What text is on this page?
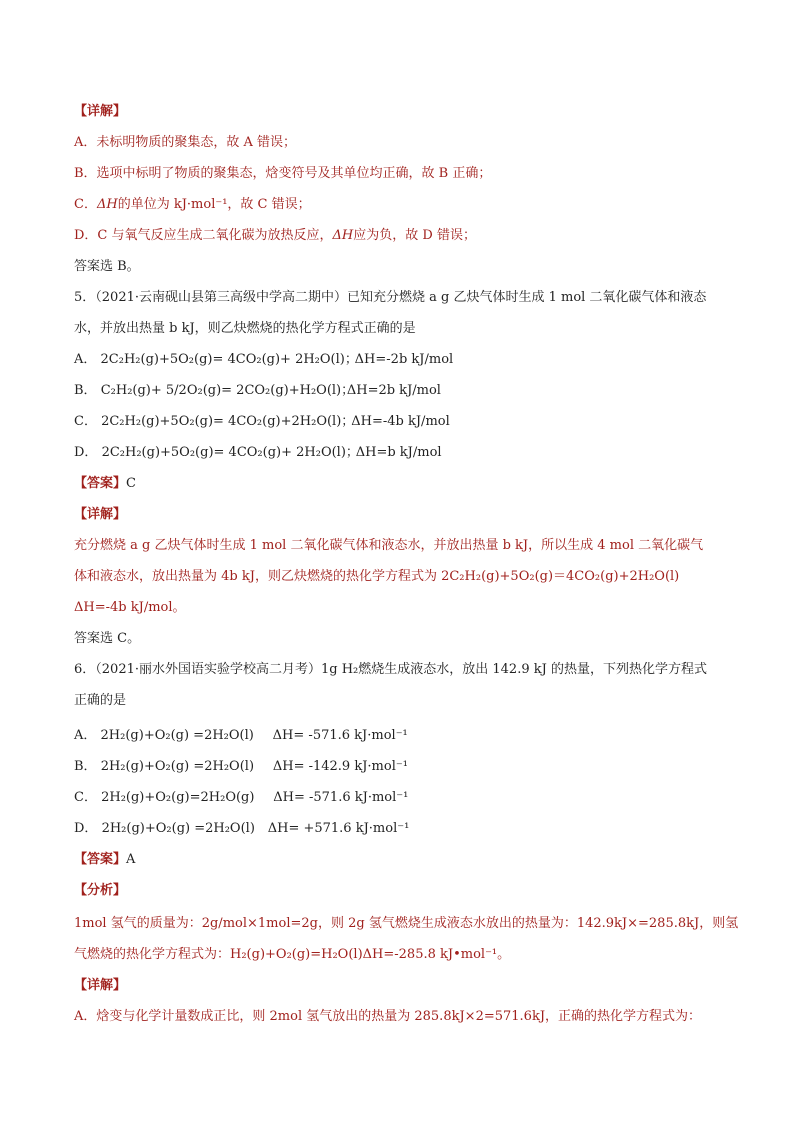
【详解】
A．未标明物质的聚集态，故 A 错误；
B．选项中标明了物质的聚集态，焓变符号及其单位均正确，故 B 正确；
C．ΔH的单位为 kJ·mol⁻¹，故 C 错误；
D．C 与氧气反应生成二氧化碳为放热反应，ΔH应为负，故 D 错误；
答案选 B。
5．（2021·云南砚山县第三高级中学高二期中）已知充分燃烧 a g 乙炔气体时生成 1 mol 二氧化碳气体和液态
水，并放出热量 b kJ，则乙炔燃烧的热化学方程式正确的是
A． 2C₂H₂(g)+5O₂(g)= 4CO₂(g)+ 2H₂O(l)； ΔH=-2b kJ/mol
B． C₂H₂(g)+ 5/2O₂(g)= 2CO₂(g)+H₂O(l)； ΔH=2b kJ/mol
C． 2C₂H₂(g)+5O₂(g)= 4CO₂(g)+2H₂O(l)； ΔH=-4b kJ/mol
D． 2C₂H₂(g)+5O₂(g)= 4CO₂(g)+ 2H₂O(l)； ΔH=b kJ/mol
【答案】C
【详解】
充分燃烧 a g 乙炔气体时生成 1 mol 二氧化碳气体和液态水，并放出热量 b kJ，所以生成 4 mol 二氧化碳气
体和液态水，放出热量为 4b kJ，则乙炔燃烧的热化学方程式为 2C₂H₂(g)+5O₂(g)＝4CO₂(g)+2H₂O(l)
ΔH=-4b kJ/mol。
答案选 C。
6．（2021·丽水外国语实验学校高二月考）1g H₂燃烧生成液态水，放出 142.9 kJ 的热量，下列热化学方程式
正确的是
A． 2H₂(g)+O₂(g) =2H₂O(l) ΔH= -571.6 kJ·mol⁻¹
B． 2H₂(g)+O₂(g) =2H₂O(l) ΔH= -142.9 kJ·mol⁻¹
C． 2H₂(g)+O₂(g)=2H₂O(g) ΔH= -571.6 kJ·mol⁻¹
D． 2H₂(g)+O₂(g) =2H₂O(l) ΔH= +571.6 kJ·mol⁻¹
【答案】A
【分析】
1mol 氢气的质量为：2g/mol×1mol=2g，则 2g 氢气燃烧生成液态水放出的热量为：142.9kJ×=285.8kJ，则氢
气燃烧的热化学方程式为：H₂(g)+O₂(g)=H₂O(l)ΔH=-285.8 kJ•mol⁻¹。
【详解】
A．焓变与化学计量数成正比，则 2mol 氢气放出的热量为 285.8kJ×2=571.6kJ，正确的热化学方程式为：
